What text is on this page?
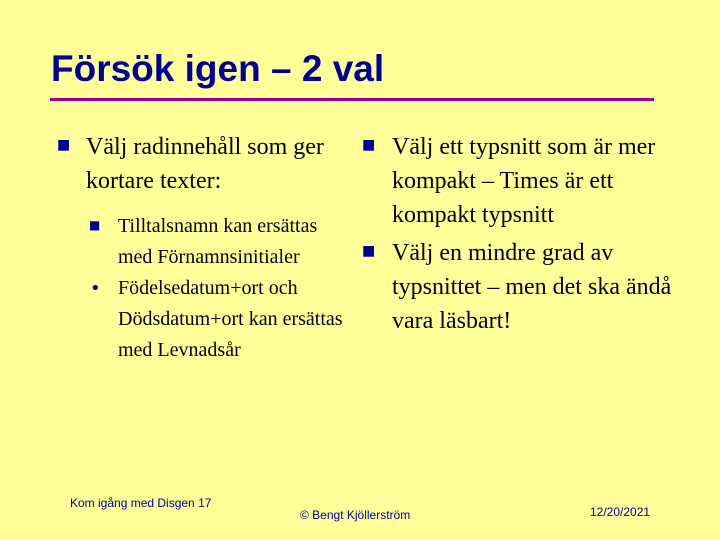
Försök igen – 2 val
■ Välj radinnehåll som ger kortare texter:
■ Tilltalsnamn kan ersättas med Förnamnsinitialer
• Födelsedatum+ort och Dödsdatum+ort kan ersättas med Levnadsår
■ Välj ett typsnitt som är mer kompakt – Times är ett kompakt typsnitt
■ Välj en mindre grad av typsnittet – men det ska ändå vara läsbart!
Kom igång med Disgen 17
© Bengt Kjöllerström	12/20/2021
